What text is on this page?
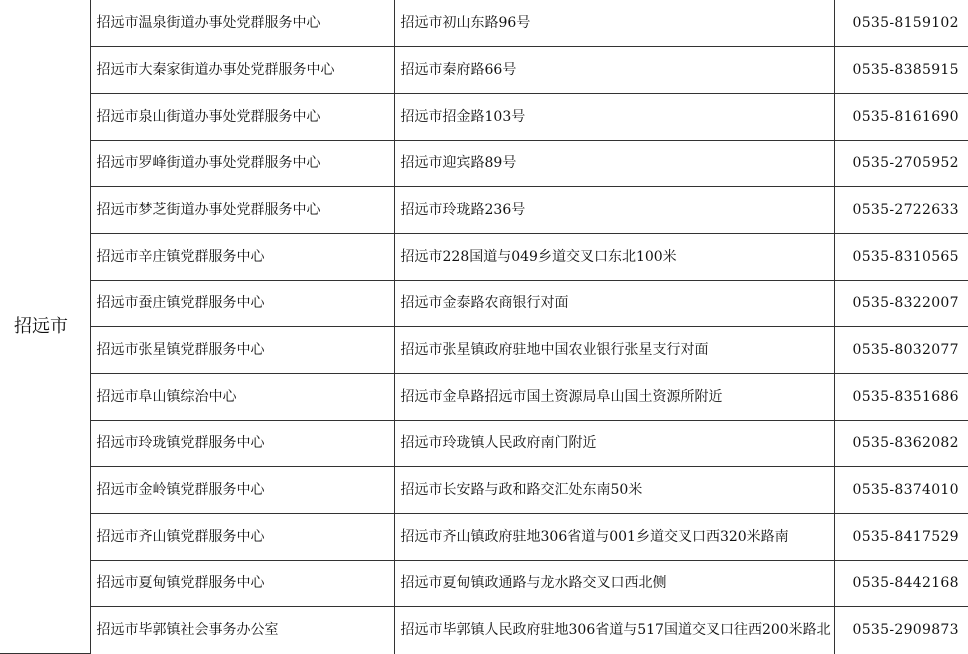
招远市	招远市温泉街道办事处党群服务中心	招远市初山东路96号	0535-8159102
	招远市大秦家街道办事处党群服务中心	招远市秦府路66号	0535-8385915
	招远市泉山街道办事处党群服务中心	招远市招金路103号	0535-8161690
	招远市罗峰街道办事处党群服务中心	招远市迎宾路89号	0535-2705952
	招远市梦芝街道办事处党群服务中心	招远市玲珑路236号	0535-2722633
	招远市辛庄镇党群服务中心	招远市228国道与049乡道交叉口东北100米	0535-8310565
	招远市蚕庄镇党群服务中心	招远市金泰路农商银行对面	0535-8322007
	招远市张星镇党群服务中心	招远市张星镇政府驻地中国农业银行张星支行对面	0535-8032077
	招远市阜山镇综治中心	招远市金阜路招远市国土资源局阜山国土资源所附近	0535-8351686
	招远市玲珑镇党群服务中心	招远市玲珑镇人民政府南门附近	0535-8362082
	招远市金岭镇党群服务中心	招远市长安路与政和路交汇处东南50米	0535-8374010
	招远市齐山镇党群服务中心	招远市齐山镇政府驻地306省道与001乡道交叉口西320米路南	0535-8417529
	招远市夏甸镇党群服务中心	招远市夏甸镇政通路与龙水路交叉口西北侧	0535-8442168
	招远市毕郭镇社会事务办公室	招远市毕郭镇人民政府驻地306省道与517国道交叉口往西200米路北	0535-2909873
